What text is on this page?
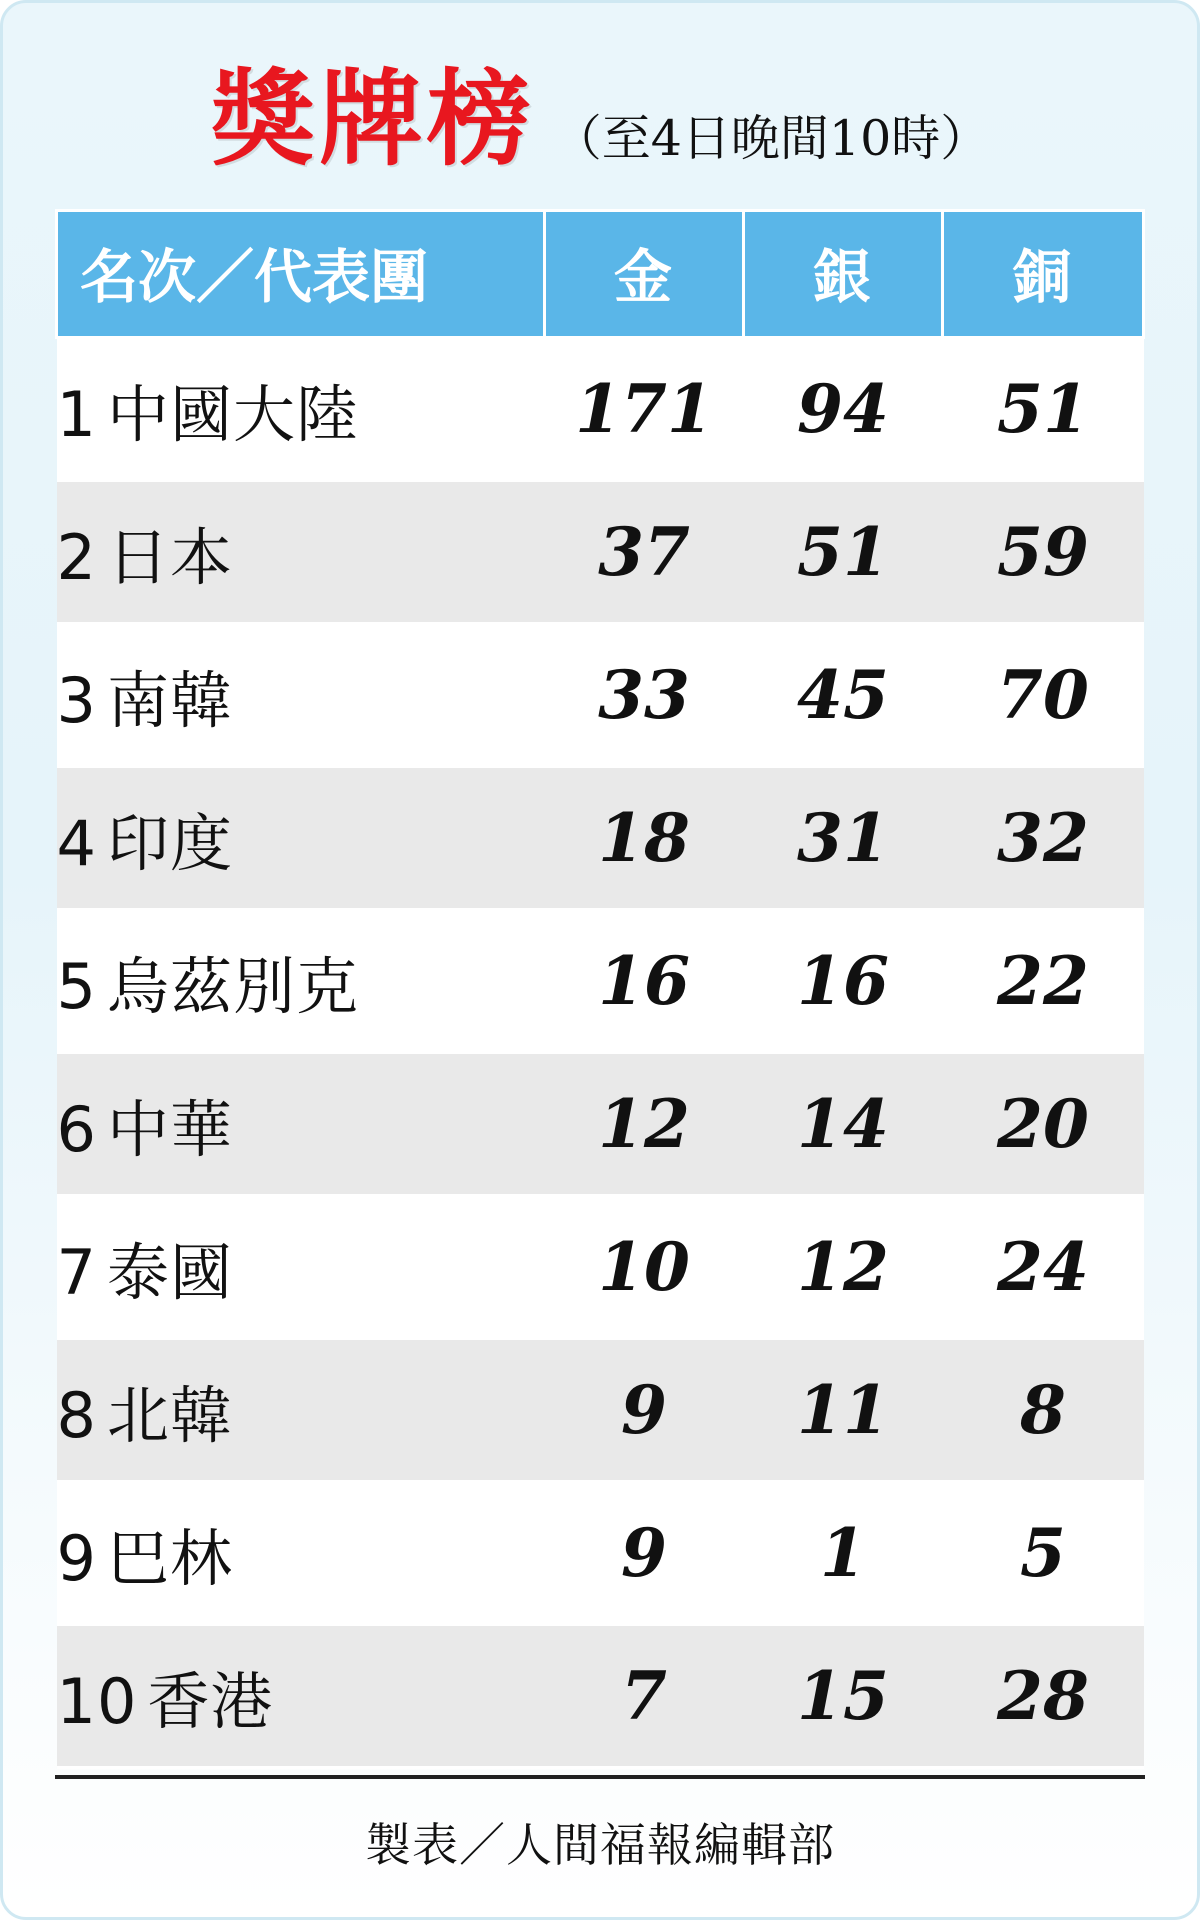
獎牌榜 （至4日晚間10時）
名次／代表團	金	銀	銅
1 中國大陸	171	94	51
2 日本	37	51	59
3 南韓	33	45	70
4 印度	18	31	32
5 烏茲別克	16	16	22
6 中華	12	14	20
7 泰國	10	12	24
8 北韓	9	11	8
9 巴林	9	1	5
10 香港	7	15	28
製表／人間福報編輯部
